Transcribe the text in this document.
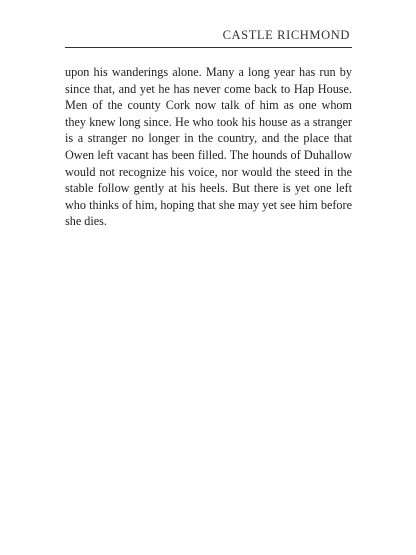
CASTLE RICHMOND

upon his wanderings alone. Many a long year has run by since that, and yet he has never come back to Hap House. Men of the county Cork now talk of him as one whom they knew long since. He who took his house as a stranger is a stranger no longer in the country, and the place that Owen left vacant has been filled. The hounds of Duhallow would not recognize his voice, nor would the steed in the stable follow gently at his heels. But there is yet one left who thinks of him, hoping that she may yet see him before she dies.
